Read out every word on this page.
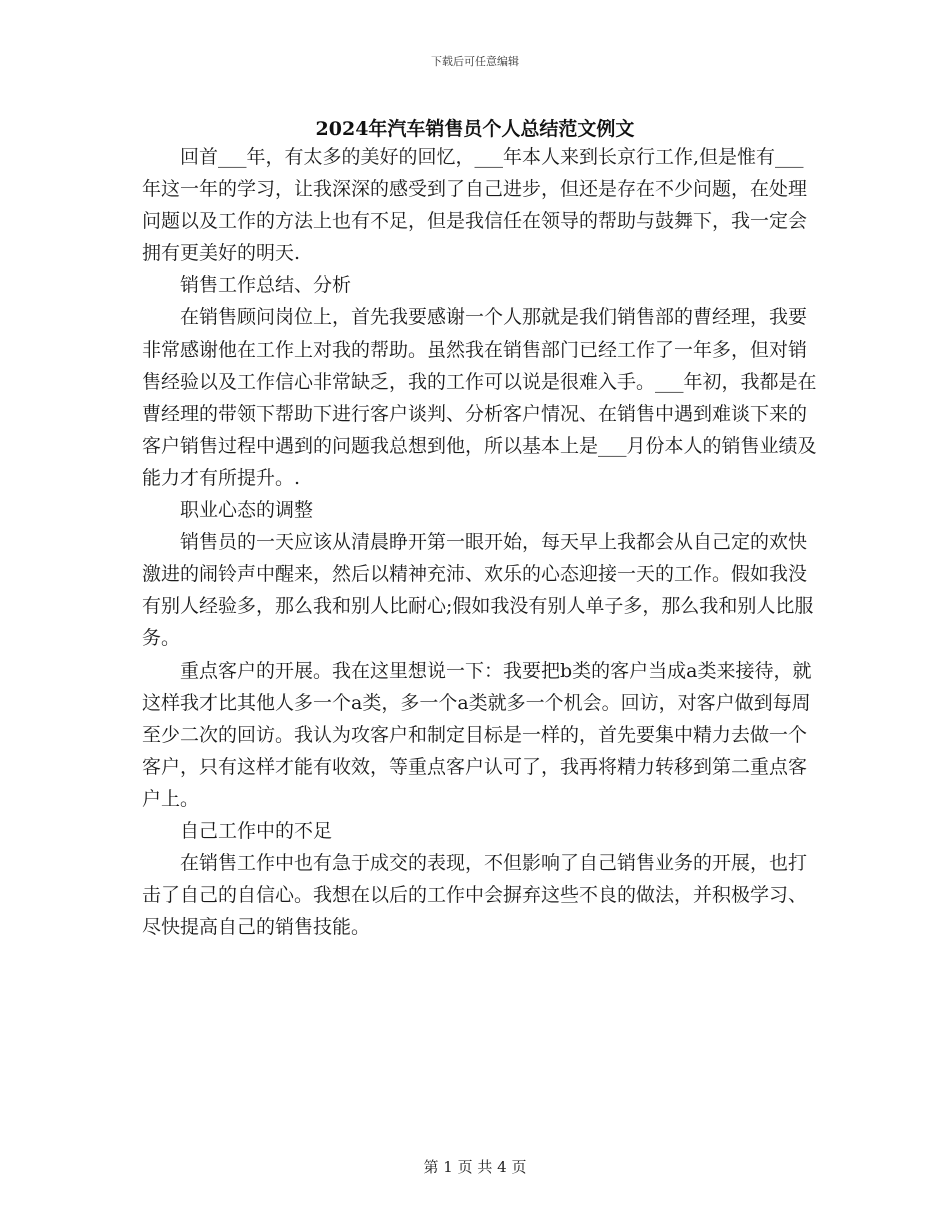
下载后可任意编辑
2024年汽车销售员个人总结范文例文

回首___年，有太多的美好的回忆，___年本人来到长京行工作,但是惟有___年这一年的学习，让我深深的感受到了自己进步，但还是存在不少问题，在处理问题以及工作的方法上也有不足，但是我信任在领导的帮助与鼓舞下，我一定会拥有更美好的明天.

销售工作总结、分析

在销售顾问岗位上，首先我要感谢一个人那就是我们销售部的曹经理，我要非常感谢他在工作上对我的帮助。虽然我在销售部门已经工作了一年多，但对销售经验以及工作信心非常缺乏，我的工作可以说是很难入手。___年初，我都是在曹经理的带领下帮助下进行客户谈判、分析客户情况、在销售中遇到难谈下来的客户销售过程中遇到的问题我总想到他，所以基本上是___月份本人的销售业绩及能力才有所提升。.

职业心态的调整

销售员的一天应该从清晨睁开第一眼开始，每天早上我都会从自己定的欢快激进的闹铃声中醒来，然后以精神充沛、欢乐的心态迎接一天的工作。假如我没有别人经验多，那么我和别人比耐心;假如我没有别人单子多，那么我和别人比服务。

重点客户的开展。我在这里想说一下：我要把b类的客户当成a类来接待，就这样我才比其他人多一个a类，多一个a类就多一个机会。回访，对客户做到每周至少二次的回访。我认为攻客户和制定目标是一样的，首先要集中精力去做一个客户，只有这样才能有收效，等重点客户认可了，我再将精力转移到第二重点客户上。

自己工作中的不足

在销售工作中也有急于成交的表现，不但影响了自己销售业务的开展，也打击了自己的自信心。我想在以后的工作中会摒弃这些不良的做法，并积极学习、尽快提高自己的销售技能。

第 1 页 共 4 页
